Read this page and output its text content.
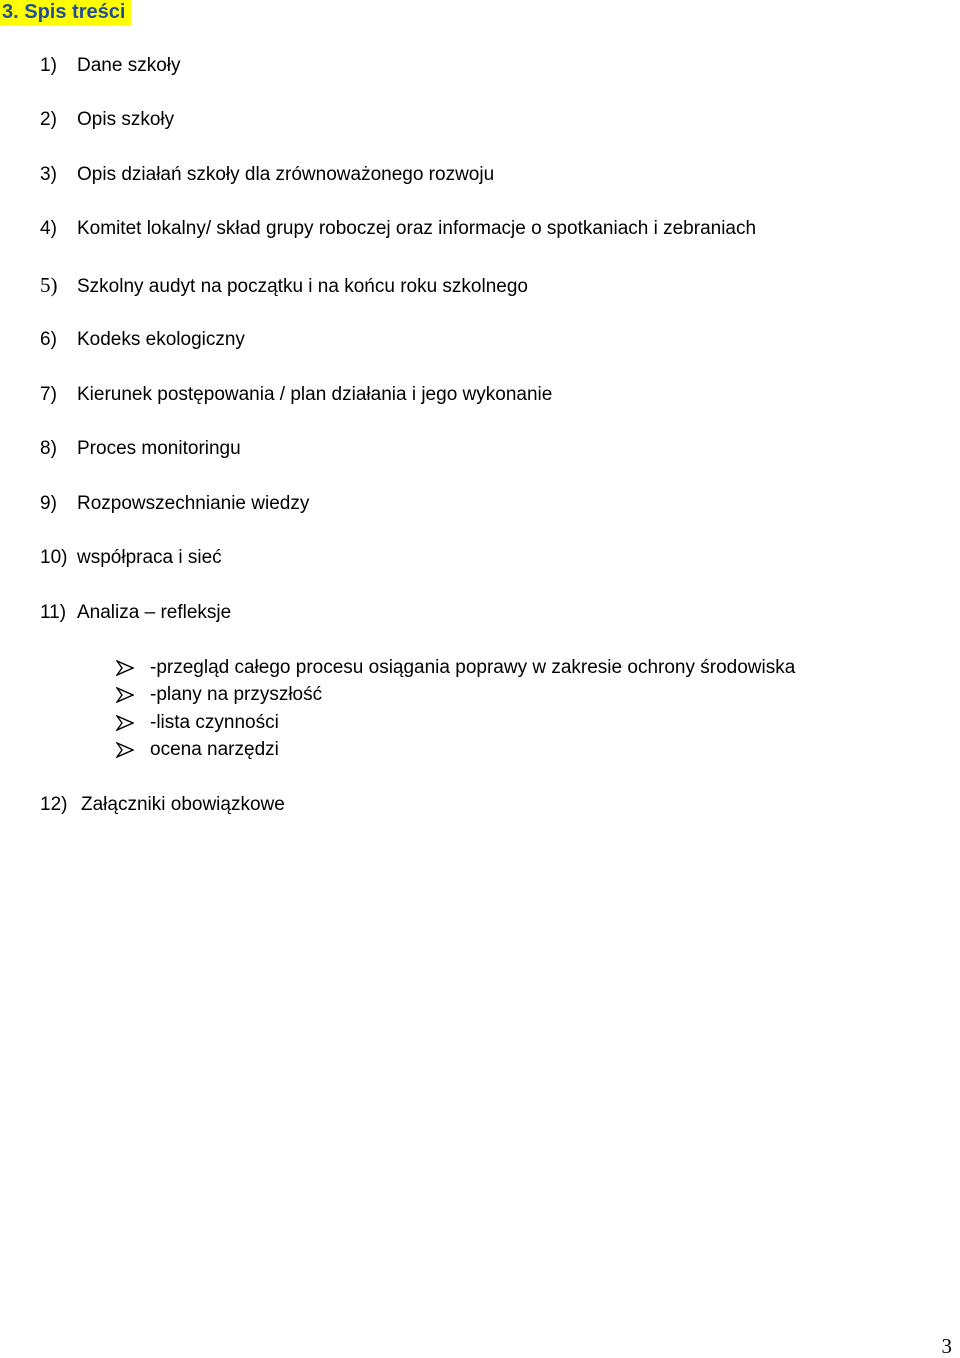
3. Spis treści
1) Dane szkoły
2) Opis szkoły
3) Opis działań szkoły dla zrównoważonego rozwoju
4) Komitet lokalny/ skład grupy roboczej oraz informacje o spotkaniach i zebraniach
5) Szkolny audyt na początku i na końcu roku szkolnego
6) Kodeks ekologiczny
7) Kierunek postępowania / plan działania i jego wykonanie
8) Proces monitoringu
9) Rozpowszechnianie wiedzy
10) współpraca i sieć
11) Analiza – refleksje
-przegląd całego procesu osiągania poprawy w zakresie ochrony środowiska
-plany na przyszłość
-lista czynności
ocena narzędzi
12) Załączniki obowiązkowe
3
